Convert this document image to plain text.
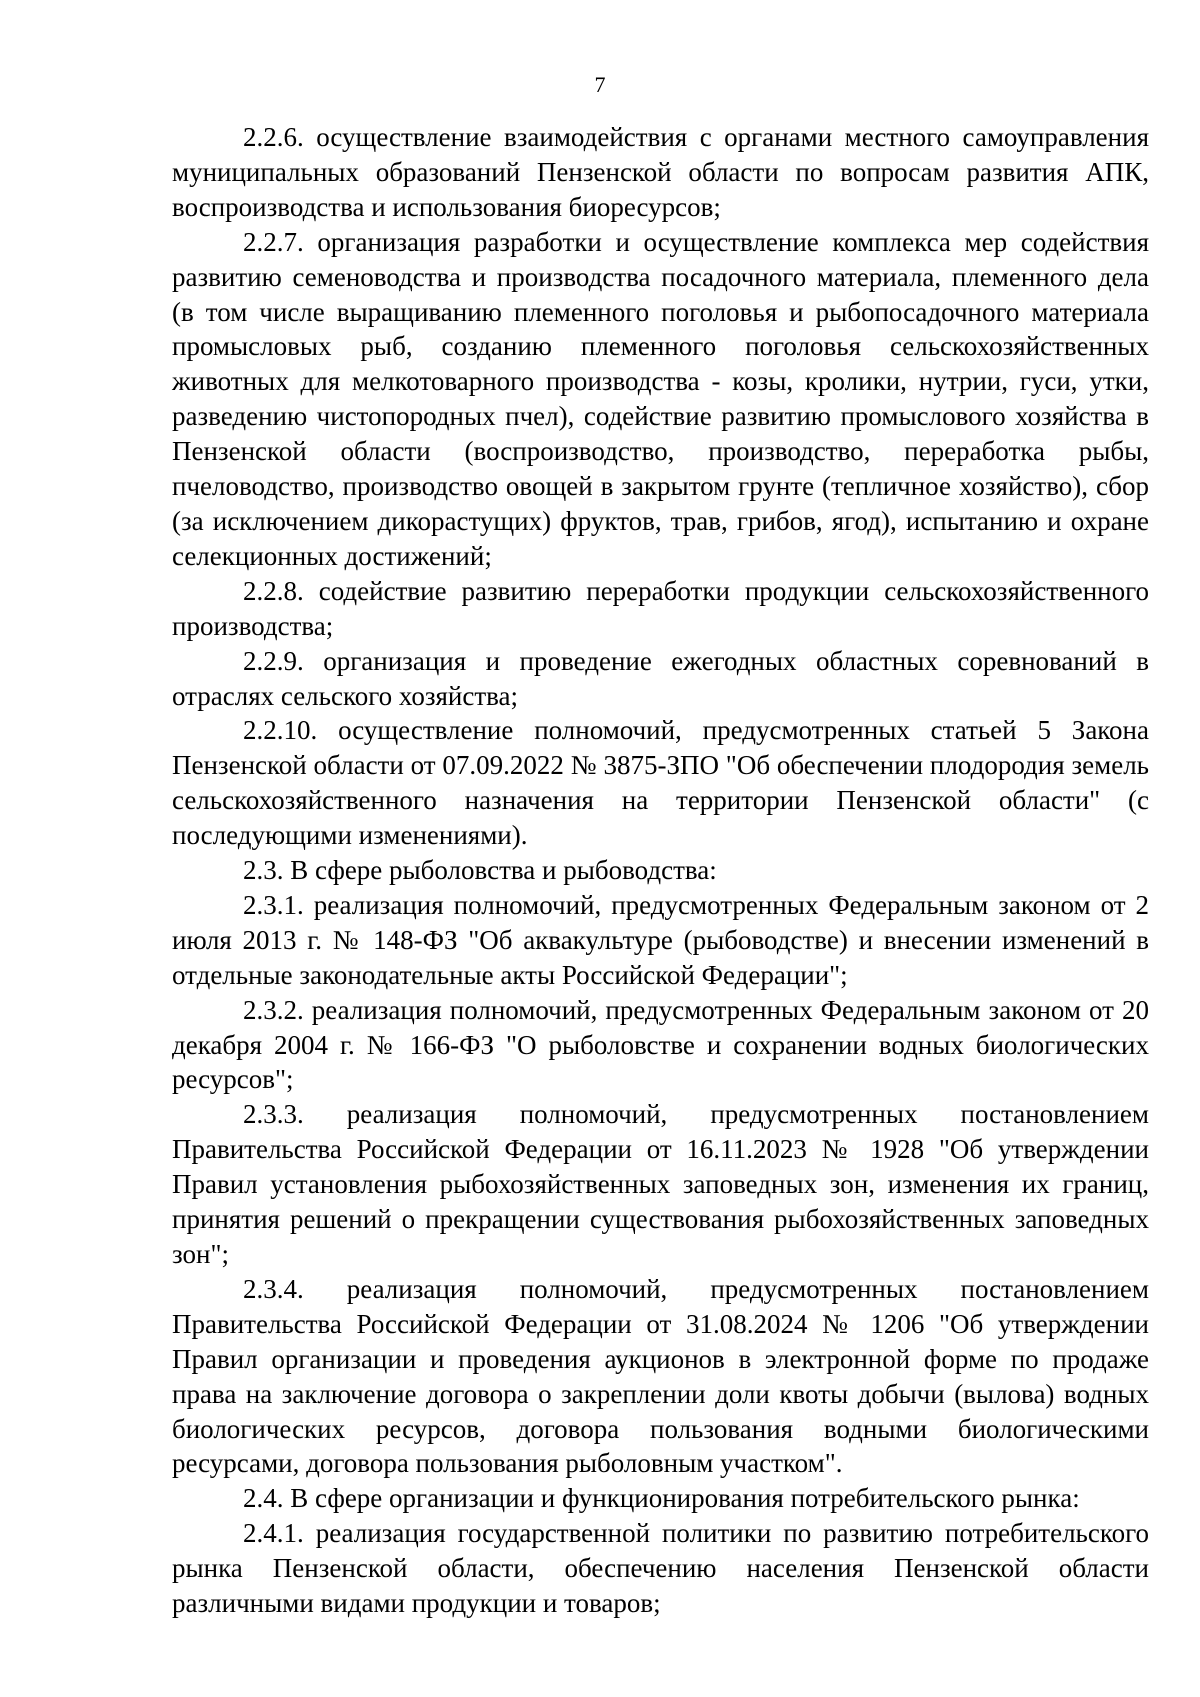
7

2.2.6. осуществление взаимодействия с органами местного самоуправления муниципальных образований Пензенской области по вопросам развития АПК, воспроизводства и использования биоресурсов;

2.2.7. организация разработки и осуществление комплекса мер содействия развитию семеноводства и производства посадочного материала, племенного дела (в том числе выращиванию племенного поголовья и рыбопосадочного материала промысловых рыб, созданию племенного поголовья сельскохозяйственных животных для мелкотоварного производства - козы, кролики, нутрии, гуси, утки, разведению чистопородных пчел), содействие развитию промыслового хозяйства в Пензенской области (воспроизводство, производство, переработка рыбы, пчеловодство, производство овощей в закрытом грунте (тепличное хозяйство), сбор (за исключением дикорастущих) фруктов, трав, грибов, ягод), испытанию и охране селекционных достижений;

2.2.8. содействие развитию переработки продукции сельскохозяйственного производства;

2.2.9. организация и проведение ежегодных областных соревнований в отраслях сельского хозяйства;

2.2.10. осуществление полномочий, предусмотренных статьей 5 Закона Пензенской области от 07.09.2022 № 3875-ЗПО "Об обеспечении плодородия земель сельскохозяйственного назначения на территории Пензенской области" (с последующими изменениями).

2.3. В сфере рыболовства и рыбоводства:

2.3.1. реализация полномочий, предусмотренных Федеральным законом от 2 июля 2013 г. № 148-ФЗ "Об аквакультуре (рыбоводстве) и внесении изменений в отдельные законодательные акты Российской Федерации";

2.3.2. реализация полномочий, предусмотренных Федеральным законом от 20 декабря 2004 г. № 166-ФЗ "О рыболовстве и сохранении водных биологических ресурсов";

2.3.3. реализация полномочий, предусмотренных постановлением Правительства Российской Федерации от 16.11.2023 № 1928 "Об утверждении Правил установления рыбохозяйственных заповедных зон, изменения их границ, принятия решений о прекращении существования рыбохозяйственных заповедных зон";

2.3.4. реализация полномочий, предусмотренных постановлением Правительства Российской Федерации от 31.08.2024 № 1206 "Об утверждении Правил организации и проведения аукционов в электронной форме по продаже права на заключение договора о закреплении доли квоты добычи (вылова) водных биологических ресурсов, договора пользования водными биологическими ресурсами, договора пользования рыболовным участком".

2.4. В сфере организации и функционирования потребительского рынка:

2.4.1. реализация государственной политики по развитию потребительского рынка Пензенской области, обеспечению населения Пензенской области различными видами продукции и товаров;
